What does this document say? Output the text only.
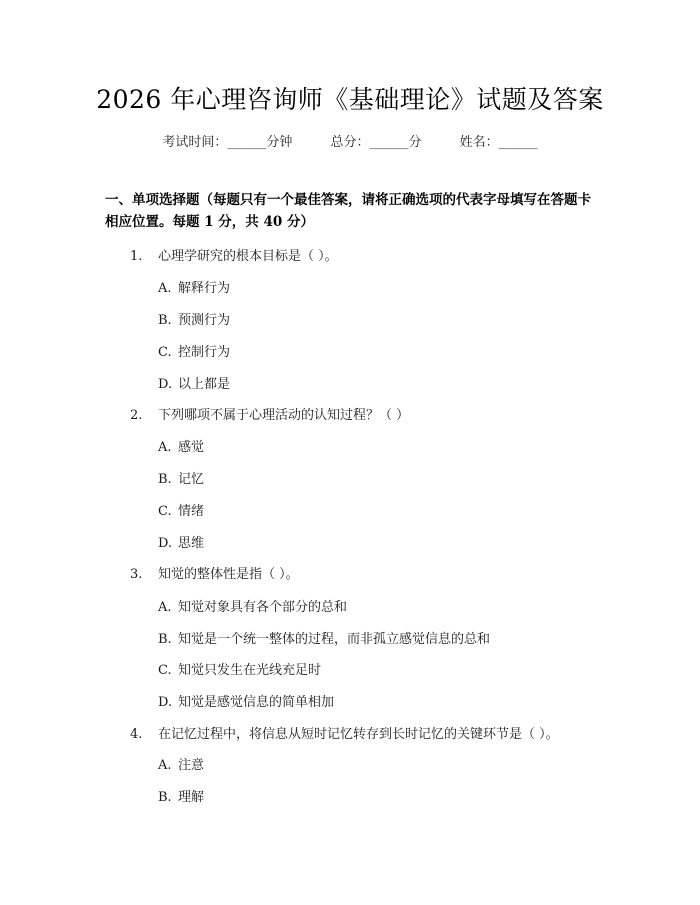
2026 年心理咨询师《基础理论》试题及答案
考试时间：______分钟	总分：______分	姓名：______
一、单项选择题（每题只有一个最佳答案，请将正确选项的代表字母填写在答题卡相应位置。每题 1 分，共 40 分）
1. 心理学研究的根本目标是（ ）。
A. 解释行为
B. 预测行为
C. 控制行为
D. 以上都是
2. 下列哪项不属于心理活动的认知过程？（ ）
A. 感觉
B. 记忆
C. 情绪
D. 思维
3. 知觉的整体性是指（ ）。
A. 知觉对象具有各个部分的总和
B. 知觉是一个统一整体的过程，而非孤立感觉信息的总和
C. 知觉只发生在光线充足时
D. 知觉是感觉信息的简单相加
4. 在记忆过程中，将信息从短时记忆转存到长时记忆的关键环节是（ ）。
A. 注意
B. 理解
